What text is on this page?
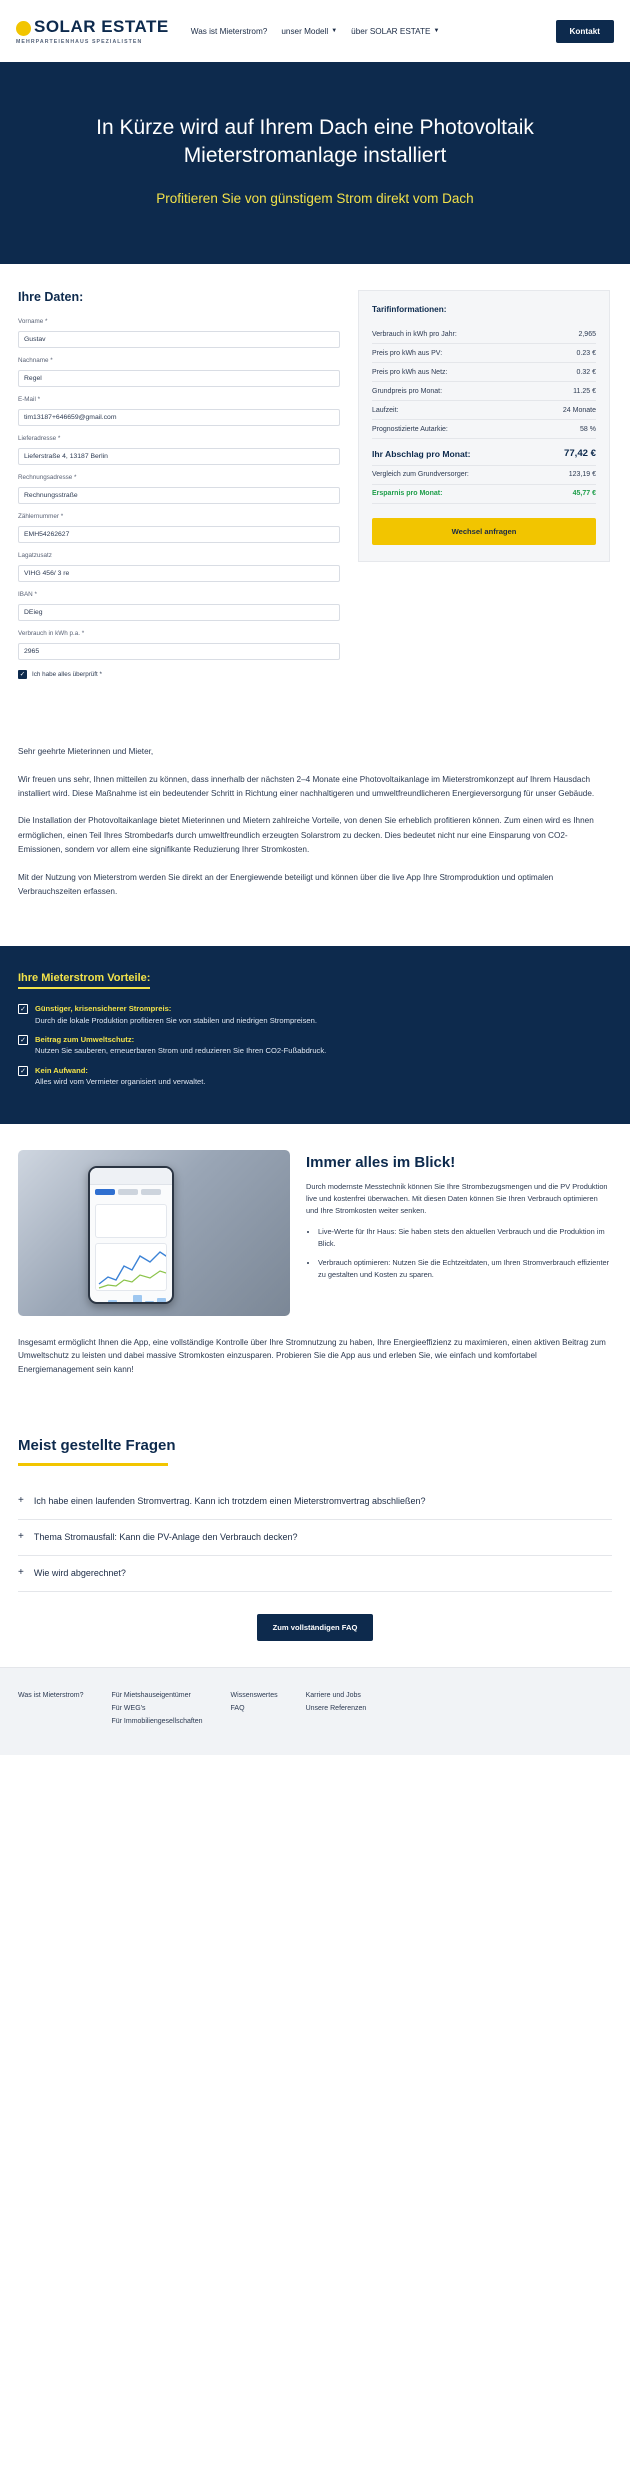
SOLAR ESTATE
MEHRPARTEIENHAUS SPEZIALISTEN
Was ist Mieterstrom? unser Modell ▼ über SOLAR ESTATE ▼	Kontakt
In Kürze wird auf Ihrem Dach eine Photovoltaik Mieterstromanlage installiert
Profitieren Sie von günstigem Strom direkt vom Dach
Ihre Daten:
Vorname *
Gustav
Nachname *
Regel
E-Mail *
tim13187+646659@gmail.com
Lieferadresse *
Lieferstraße 4, 13187 Berlin
Rechnungsadresse *
Rechnungsstraße
Zählernummer *
EMH54262627
Lagatzusatz
VIHG 456/ 3 re
IBAN *
DEieg
Verbrauch in kWh p.a. *
2965
✓ Ich habe alles überprüft *
Tarifinformationen:
Verbrauch in kWh pro Jahr:	2,965
Preis pro kWh aus PV:	0.23 €
Preis pro kWh aus Netz:	0.32 €
Grundpreis pro Monat:	11.25 €
Laufzeit:	24 Monate
Prognostizierte Autarkie:	58 %
Ihr Abschlag pro Monat:	77,42 €
Vergleich zum Grundversorger:	123,19 €
Ersparnis pro Monat:	45,77 €
Wechsel anfragen

Sehr geehrte Mieterinnen und Mieter,

Wir freuen uns sehr, Ihnen mitteilen zu können, dass innerhalb der nächsten 2–4 Monate eine Photovoltaikanlage im Mieterstromkonzept auf Ihrem Hausdach installiert wird. Diese Maßnahme ist ein bedeutender Schritt in Richtung einer nachhaltigeren und umweltfreundlicheren Energieversorgung für unser Gebäude.

Die Installation der Photovoltaikanlage bietet Mieterinnen und Mietern zahlreiche Vorteile, von denen Sie erheblich profitieren können. Zum einen wird es Ihnen ermöglichen, einen Teil Ihres Strombedarfs durch umweltfreundlich erzeugten Solarstrom zu decken. Dies bedeutet nicht nur eine Einsparung von CO2-Emissionen, sondern vor allem eine signifikante Reduzierung Ihrer Stromkosten.

Mit der Nutzung von Mieterstrom werden Sie direkt an der Energiewende beteiligt und können über die live App Ihre Stromproduktion und optimalen Verbrauchszeiten erfassen.

Ihre Mieterstrom Vorteile:
✓ Günstiger, krisensicherer Strompreis:
Durch die lokale Produktion profitieren Sie von stabilen und niedrigen Strompreisen.
✓ Beitrag zum Umweltschutz:
Nutzen Sie sauberen, erneuerbaren Strom und reduzieren Sie Ihren CO2-Fußabdruck.
✓ Kein Aufwand:
Alles wird vom Vermieter organisiert und verwaltet.
Immer alles im Blick!

Durch modernste Messtechnik können Sie Ihre Strombezugsmengen und die PV Produktion live und kostenfrei überwachen. Mit diesen Daten können Sie Ihren Verbrauch optimieren und Ihre Stromkosten weiter senken.

• Live-Werte für Ihr Haus: Sie haben stets den aktuellen Verbrauch und die Produktion im Blick.
• Verbrauch optimieren: Nutzen Sie die Echtzeitdaten, um Ihren Stromverbrauch effizienter zu gestalten und Kosten zu sparen.

Insgesamt ermöglicht Ihnen die App, eine vollständige Kontrolle über Ihre Stromnutzung zu haben, Ihre Energieeffizienz zu maximieren, einen aktiven Beitrag zum Umweltschutz zu leisten und dabei massive Stromkosten einzusparen. Probieren Sie die App aus und erleben Sie, wie einfach und komfortabel Energiemanagement sein kann!

Meist gestellte Fragen
+ Ich habe einen laufenden Stromvertrag. Kann ich trotzdem einen Mieterstromvertrag abschließen?
+ Thema Stromausfall: Kann die PV-Anlage den Verbrauch decken?
+ Wie wird abgerechnet?
Zum vollständigen FAQ
Was ist Mieterstrom?	Für Mietshauseigentümer
Für WEG's
Für Immobiliengesellschaften
Wissenswertes
FAQ
Karriere und Jobs
Unsere Referenzen
